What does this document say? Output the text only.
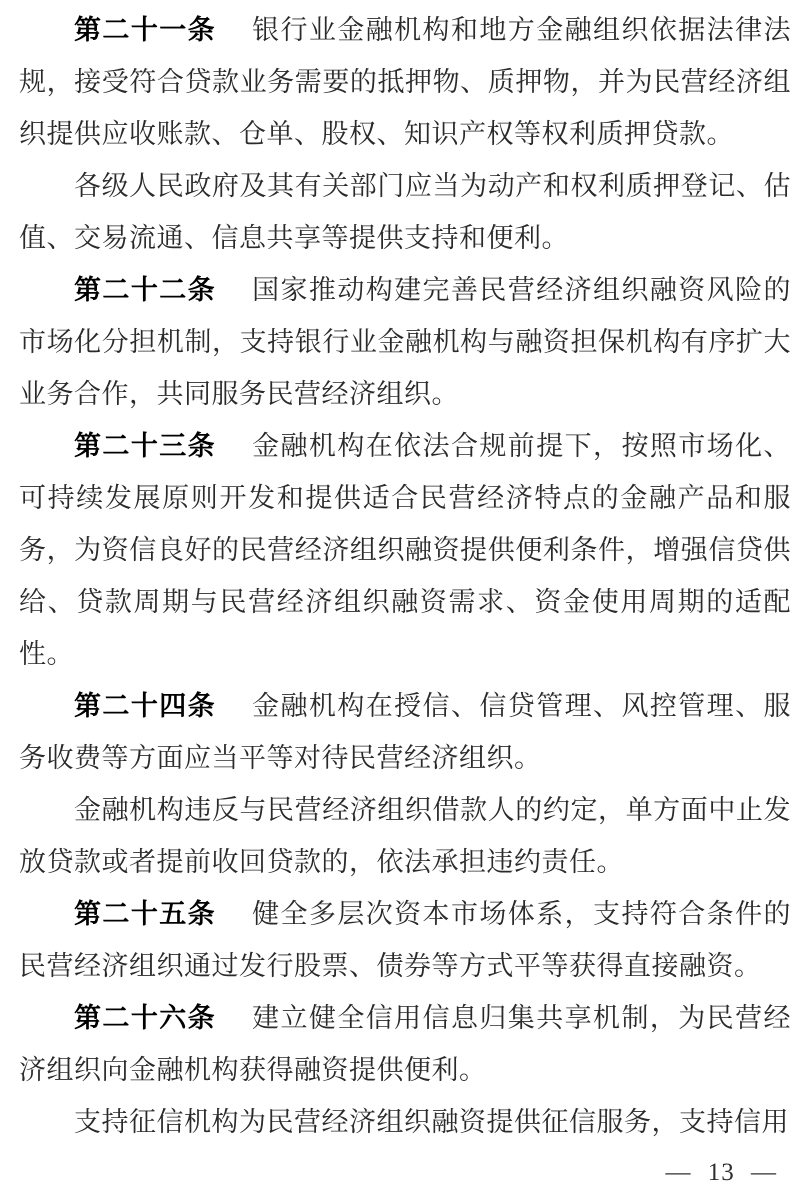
第二十一条 银行业金融机构和地方金融组织依据法律法规，接受符合贷款业务需要的抵押物、质押物，并为民营经济组织提供应收账款、仓单、股权、知识产权等权利质押贷款。

各级人民政府及其有关部门应当为动产和权利质押登记、估值、交易流通、信息共享等提供支持和便利。

第二十二条 国家推动构建完善民营经济组织融资风险的市场化分担机制，支持银行业金融机构与融资担保机构有序扩大业务合作，共同服务民营经济组织。

第二十三条 金融机构在依法合规前提下，按照市场化、可持续发展原则开发和提供适合民营经济特点的金融产品和服务，为资信良好的民营经济组织融资提供便利条件，增强信贷供给、贷款周期与民营经济组织融资需求、资金使用周期的适配性。

第二十四条 金融机构在授信、信贷管理、风控管理、服务收费等方面应当平等对待民营经济组织。

金融机构违反与民营经济组织借款人的约定，单方面中止发放贷款或者提前收回贷款的，依法承担违约责任。

第二十五条 健全多层次资本市场体系，支持符合条件的民营经济组织通过发行股票、债券等方式平等获得直接融资。

第二十六条 建立健全信用信息归集共享机制，为民营经济组织向金融机构获得融资提供便利。

支持征信机构为民营经济组织融资提供征信服务，支持信用

— 13 —
